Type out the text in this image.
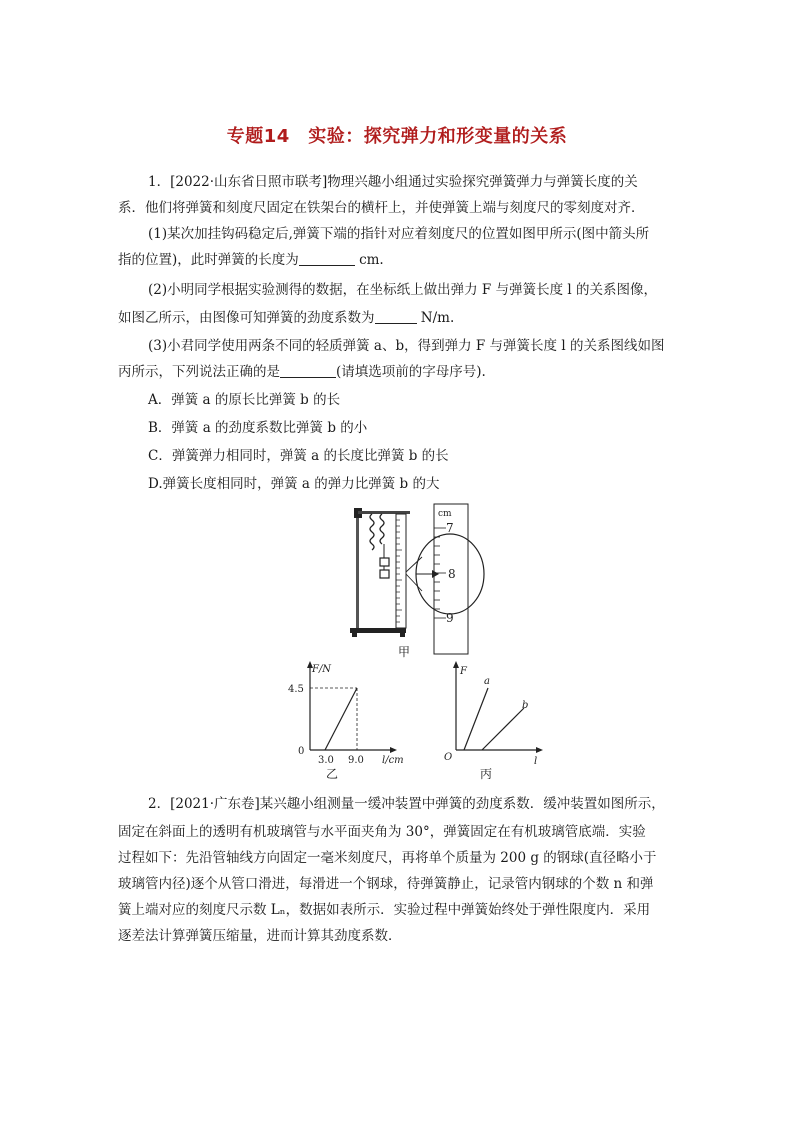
专题14　实验：探究弹力和形变量的关系
1．[2022·山东省日照市联考]物理兴趣小组通过实验探究弹簧弹力与弹簧长度的关
系．他们将弹簧和刻度尺固定在铁架台的横杆上，并使弹簧上端与刻度尺的零刻度对齐．
(1)某次加挂钩码稳定后,弹簧下端的指针对应着刻度尺的位置如图甲所示(图中箭头所
指的位置)，此时弹簧的长度为	cm.
(2)小明同学根据实验测得的数据，在坐标纸上做出弹力 F 与弹簧长度 l 的关系图像，
如图乙所示，由图像可知弹簧的劲度系数为	N/m.
(3)小君同学使用两条不同的轻质弹簧 a、b，得到弹力 F 与弹簧长度 l 的关系图线如图
丙所示，下列说法正确的是	(请填选项前的字母序号).
A．弹簧 a 的原长比弹簧 b 的长
B．弹簧 a 的劲度系数比弹簧 b 的小
C．弹簧弹力相同时，弹簧 a 的长度比弹簧 b 的长
D.弹簧长度相同时，弹簧 a 的弹力比弹簧 b 的大
cm
7
8
9
甲
F/N
4.5
0
3.0 9.0 l/cm
乙
F
a
b
O	l
丙
2．[2021·广东卷]某兴趣小组测量一缓冲装置中弹簧的劲度系数．缓冲装置如图所示，
固定在斜面上的透明有机玻璃管与水平面夹角为 30°，弹簧固定在有机玻璃管底端．实验
过程如下：先沿管轴线方向固定一毫米刻度尺，再将单个质量为 200 g 的钢球(直径略小于
玻璃管内径)逐个从管口滑进，每滑进一个钢球，待弹簧静止，记录管内钢球的个数 n 和弹
簧上端对应的刻度尺示数 Lₙ，数据如表所示．实验过程中弹簧始终处于弹性限度内．采用
逐差法计算弹簧压缩量，进而计算其劲度系数．
